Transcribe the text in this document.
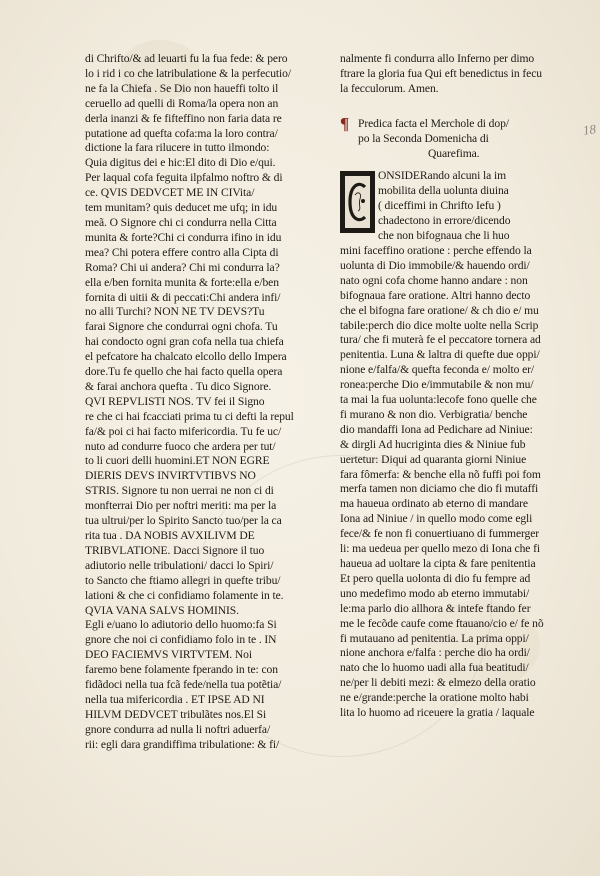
di Chrifto/& ad leuarti fu la fua fede: & pero
lo i rid i co che latribulatione & la perfecutio/
ne fa la Chiefa . Se Dio non haueffi tolto il
ceruello ad quelli di Roma/la opera non an
derla inanzi & fe fifteffino non faria data re
putatione ad quefta cofa:ma la loro contra/
dictione la fara rilucere in tutto ilmondo:
Quia digitus dei e hic:El dito di Dio e/qui.
Per laqual cofa feguita ilpfalmo noftro & di
ce. QVIS DEDVCET ME IN CIVita/
tem munitam? quis deducet me ufq; in idu
meã. O Signore chi ci condurra nella Citta
munita & forte?Chi ci condurra ifino in idu
mea? Chi potera effere contro alla Cipta di
Roma? Chi ui andera? Chi mi condurra la?
ella e/ben fornita munita & forte:ella e/ben
fornita di uitii & di peccati:Chi andera infi/
no alli Turchi? NON NE TV DEVS?Tu
farai Signore che condurrai ogni chofa. Tu
hai condocto ogni gran cofa nella tua chiefa
el pefcatore ha chalcato elcollo dello Impera
dore.Tu fe quello che hai facto quella opera
& farai anchora quefta . Tu dico Signore.
QVI REPVLISTI NOS. TV fei il Signo
re che ci hai fcacciati prima tu ci defti la repul
fa/& poi ci hai facto mifericordia. Tu fe uc/
nuto ad condurre fuoco che ardera per tut/
to li cuori delli huomini.ET NON EGRE
DIERIS DEVS INVIRTVTIBVS NO
STRIS. Signore tu non uerrai ne non ci di
monfterrai Dio per noftri meriti: ma per la
tua ultrui/per lo Spirito Sancto tuo/per la ca
rita tua . DA NOBIS AVXILIVM DE
TRIBVLATIONE. Dacci Signore il tuo
adiutorio nelle tribulationi/ dacci lo Spiri/
to Sancto che ftiamo allegri in quefte tribu/
lationi & che ci confidiamo folamente in te.
QVIA VANA SALVS HOMINIS.
Egli e/uano lo adiutorio dello huomo:fa Si
gnore che noi ci confidiamo folo in te . IN
DEO FACIEMVS VIRTVTEM. Noi
faremo bene folamente fperando in te: con
fidãdoci nella tua fcã fede/nella tua potẽtia/
nella tua mifericordia . ET IPSE AD NI
HILVM DEDVCET tribulãtes nos.El Si
gnore condurra ad nulla li noftri aduerfa/
rii: egli dara grandiffima tribulatione: & fi/
nalmente fi condurra allo Inferno per dimo
ftrare la gloria fua Qui eft benedictus in fecu
la fecculorum. Amen.
¶ Predica facta el Merchole di dop/
po la Seconda Domenicha di
Quarefima.
C
ONSIDERando alcuni la im
mobilita della uolunta diuina
( diceffimi in Chrifto Iefu )
chadectono in errore/dicendo
che non bifognaua che li huo
mini faceffino oratione : perche effendo la
uolunta di Dio immobile/& hauendo ordi/
nato ogni cofa chome hanno andare : non
bifognaua fare oratione. Altri hanno decto
che el bifogna fare oratione/ & ch dio e/ mu
tabile:perch dio dice molte uolte nella Scrip
tura/ che fi muterà fe el peccatore tornera ad
penitentia. Luna & laltra di quefte due oppi/
nione e/falfa/& quefta feconda e/ molto er/
ronea:perche Dio e/immutabile & non mu/
ta mai la fua uolunta:lecofe fono quelle che
fi murano & non dio. Verbigratia/ benche
dio mandaffi Iona ad Pedichare ad Niniue:
& dirgli Ad hucriginta dies & Niniue fub
uertetur: Diqui ad quaranta giorni Niniue
fara fômerfa: & benche ella nõ fuffi poi fom
merfa tamen non diciamo che dio fi mutaffi
ma haueua ordinato ab eterno di mandare
Iona ad Niniue / in quello modo come egli
fece/& fe non fi conuertiuano di fummerger
li: ma uedeua per quello mezo di Iona che fi
haueua ad uoltare la cipta & fare penitentia
Et pero quella uolonta di dio fu fempre ad
uno medefimo modo ab eterno immutabi/
le:ma parlo dio allhora & intefe ftando fer
me le fecõde caufe come ftauano/cio e/ fe nõ
fi mutauano ad penitentia. La prima oppi/
nione anchora e/falfa : perche dio ha ordi/
nato che lo huomo uadi alla fua beatitudi/
ne/per li debiti mezi: & elmezo della oratio
ne e/grande:perche la oratione molto habi
lita lo huomo ad riceuere la gratia / laquale
18
